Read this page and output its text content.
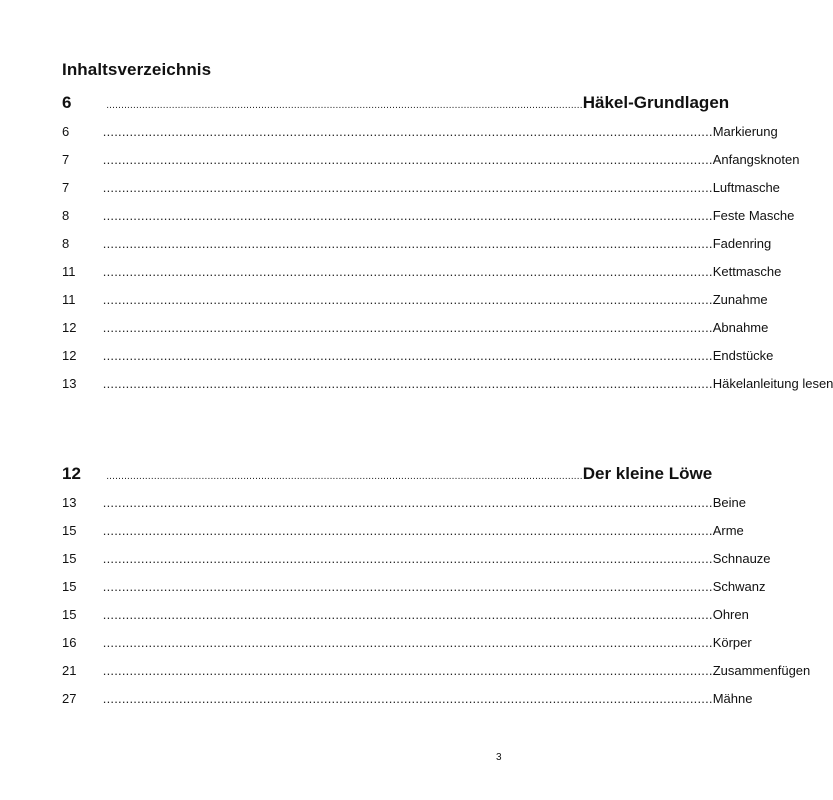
Inhaltsverzeichnis
6	 ................................................................................................................................................................ Häkel-Grundlagen
6	 ................................................................................................................................................................ Markierung
7	 ................................................................................................................................................................ Anfangsknoten
7	 ................................................................................................................................................................ Luftmasche
8	 ................................................................................................................................................................ Feste Masche
8	 ................................................................................................................................................................ Fadenring
11	 ................................................................................................................................................................ Kettmasche
11	 ................................................................................................................................................................ Zunahme
12	 ................................................................................................................................................................ Abnahme
12	 ................................................................................................................................................................ Endstücke
13	 ................................................................................................................................................................ Häkelanleitung lesen
12	 ................................................................................................................................................................ Der kleine Löwe
13	 ................................................................................................................................................................ Beine
15	 ................................................................................................................................................................ Arme
15	 ................................................................................................................................................................ Schnauze
15	 ................................................................................................................................................................ Schwanz
15	 ................................................................................................................................................................ Ohren
16	 ................................................................................................................................................................ Körper
21	 ................................................................................................................................................................ Zusammenfügen
27	 ................................................................................................................................................................ Mähne
3
